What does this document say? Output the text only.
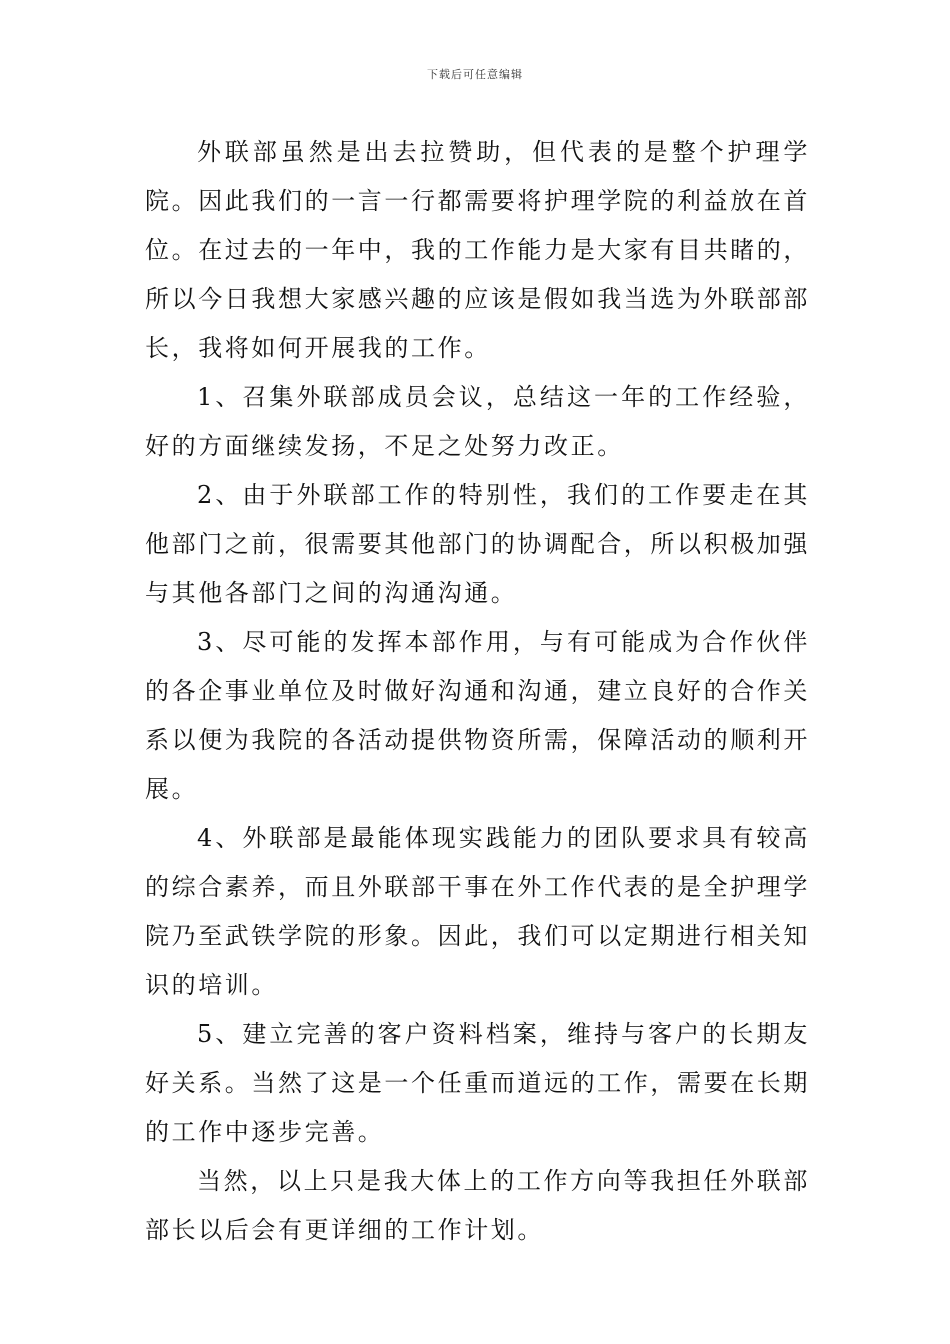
下载后可任意编辑

外联部虽然是出去拉赞助，但代表的是整个护理学院。因此我们的一言一行都需要将护理学院的利益放在首位。在过去的一年中，我的工作能力是大家有目共睹的，所以今日我想大家感兴趣的应该是假如我当选为外联部部长，我将如何开展我的工作。

1、召集外联部成员会议，总结这一年的工作经验，好的方面继续发扬，不足之处努力改正。

2、由于外联部工作的特别性，我们的工作要走在其他部门之前，很需要其他部门的协调配合，所以积极加强与其他各部门之间的沟通沟通。

3、尽可能的发挥本部作用，与有可能成为合作伙伴的各企事业单位及时做好沟通和沟通，建立良好的合作关系以便为我院的各活动提供物资所需，保障活动的顺利开展。

4、外联部是最能体现实践能力的团队要求具有较高的综合素养，而且外联部干事在外工作代表的是全护理学院乃至武铁学院的形象。因此，我们可以定期进行相关知识的培训。

5、建立完善的客户资料档案，维持与客户的长期友好关系。当然了这是一个任重而道远的工作，需要在长期的工作中逐步完善。

当然，以上只是我大体上的工作方向等我担任外联部部长以后会有更详细的工作计划。
